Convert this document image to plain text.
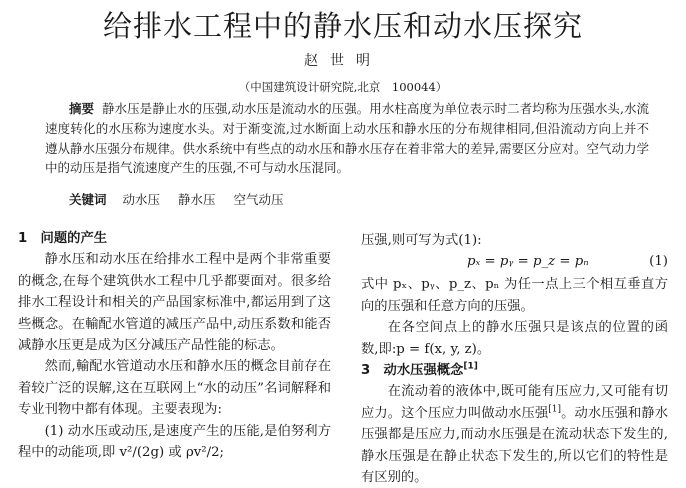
给排水工程中的静水压和动水压探究
赵世明
（中国建筑设计研究院,北京　100044）

摘要 静水压是静止水的压强,动水压是流动水的压强。用水柱高度为单位表示时二者均称为压强水头,水流速度转化的水压称为速度水头。对于渐变流,过水断面上动水压和静水压的分布规律相同,但沿流动方向上并不遵从静水压强分布规律。供水系统中有些点的动水压和静水压存在着非常大的差异,需要区分应对。空气动力学中的动压是指气流速度产生的压强,不可与动水压混同。

关键词 动水压 静水压 空气动压

1　问题的产生

静水压和动水压在给排水工程中是两个非常重要的概念,在每个建筑供水工程中几乎都要面对。很多给排水工程设计和相关的产品国家标准中,都运用到了这些概念。在輸配水管道的减压产品中,动压系数和能否减静水压更是成为区分减压产品性能的标志。

然而,輸配水管道动水压和静水压的概念目前存在着较广泛的误解,这在互联网上“水的动压”名词解释和专业刊物中都有体现。主要表现为:

(1) 动水压或动压,是速度产生的压能,是伯努利方程中的动能项,即 v²/(2g) 或 ρv²/2;

压强,则可写为式(1):

pₓ = pᵧ = p_z = pₙ	(1)

式中 pₓ、pᵧ、p_z、pₙ 为任一点上三个相互垂直方向的压强和任意方向的压强。

在各空间点上的静水压强只是该点的位置的函数,即:p = f(x, y, z)。

3　动水压强概念[1]

在流动着的液体中,既可能有压应力,又可能有切应力。这个压应力叫做动水压强[1]。动水压强和静水压强都是压应力,而动水压强是在流动状态下发生的,静水压强是在静止状态下发生的,所以它们的特性是有区别的。
